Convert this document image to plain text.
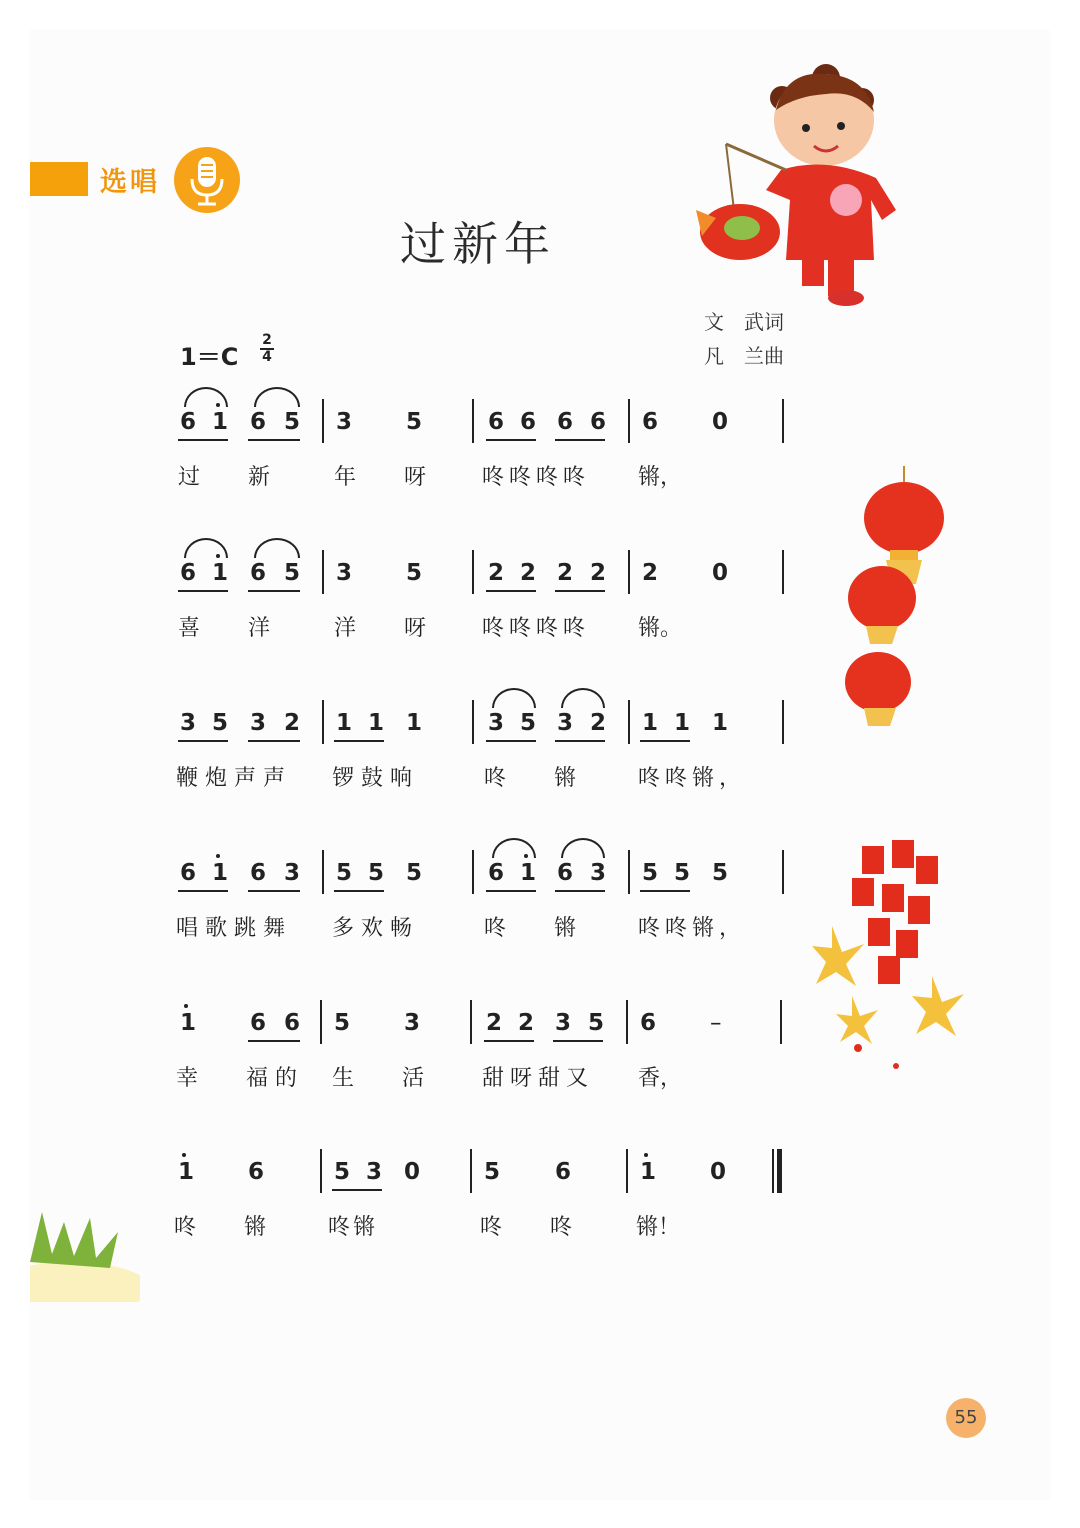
选唱
过新年
文　武词
凡　兰曲
1＝C
2
4
6 1 6 5 3 5	6 6 6 6 6 0
过 新	年 呀	咚咚咚咚 锵，
6 1 6 5 3 5	2 2 2 2 2 0
喜 洋	洋 呀	咚咚咚咚 锵。
3 5 3 2 1 1 1	3 5 3 2 1 1 1
鞭炮声声 锣鼓响	咚 锵	咚咚锵，
6 1 6 3 5 5 5	6 1 6 3 5 5 5
唱歌跳舞 多欢畅	咚 锵	咚咚锵，
1 6 6 5 3	2 2 3 5 6 –
幸 福的 生 活	甜呀甜又 香，
1 6	5 3 0	5 6	1 0
咚 锵	咚锵	咚 咚	锵！
55
